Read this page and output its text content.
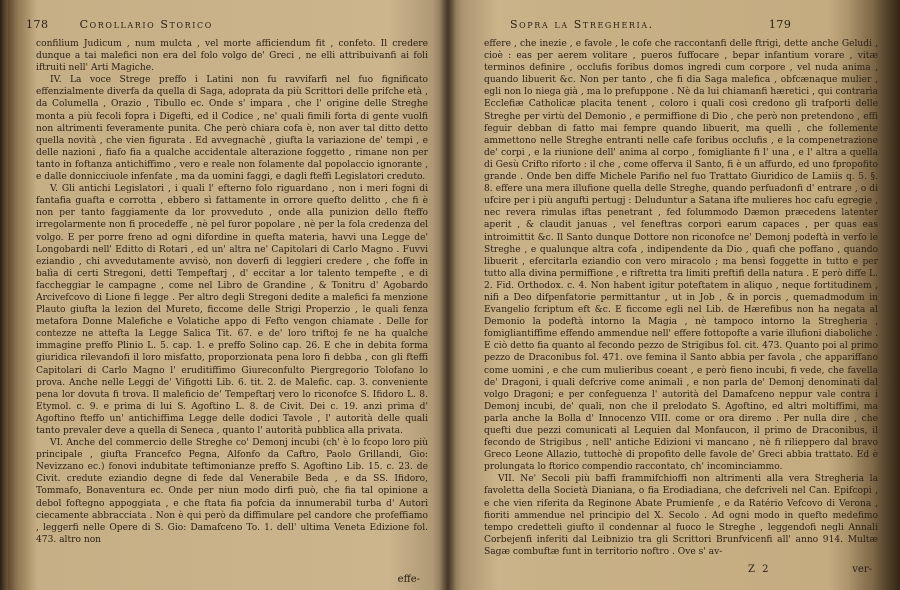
178	Corollario Storico

confilium Judicum , num mulcta , vel morte afficiendum fit , confeto. Il credere dunque a tai malefici non era del folo volgo de' Greci , ne elli attribuivanfi ai foli iftruiti nell' Arti Magiche.

IV. La voce Strege preffo i Latini non fu ravvifarfi nel fuo fignificato effenzialmente diverfa da quella di Saga, adoprata da più Scrittori delle prifche età , da Columella , Orazio , Tibullo ec. Onde s' impara , che l' origine delle Streghe monta a più fecoli fopra i Digefti, ed il Codice , ne' quali fimili forta di gente vuolfi non altrimenti feveramente punita. Che però chiara cofa è, non aver tal ditto detto quella novità , che vien figurata . Ed avvegnachè , giufta la variazione de' tempi , e delle nazioni , fiafo fia a qualche accidentale alterazione foggetto , rimane non per tanto in foftanza antichiffimo , vero e reale non folamente dal popolaccio ignorante , e dalle donnicciuole infenfate , ma da uomini faggi, e dagli fteffi Legislatori creduto.

V. Gli antichi Legislatori , i quali l' efterno folo riguardano , non i meri fogni di fantafia guafta e corrotta , ebbero sì fattamente in orrore quefto delitto , che fi è non per tanto faggiamente da lor provveduto , onde alla punizion dello fteffo irregolarmente non fi procedeffe , nè pel furor popolare , nè per la fola credenza del volgo. E per porre freno ad ogni difordine in quefta materia, havvi una Legge de' Longobardi nell' Editto di Rotari , ed un' altra ne' Capitolari di Carlo Magno . Fuvvi eziandio , chi avvedutamente avvisò, non doverfi di leggieri credere , che foffe in balìa di certi Stregoni, detti Tempeftarj , d' eccitar a lor talento tempefte , e di faccheggiar le campagne , come nel Libro de Grandine , & Tonitru d' Agobardo Arcivefcovo di Lione fi legge . Per altro degli Stregoni dedite a malefici fa menzione Plauto giufta la lezion del Mureto, ficcome delle Strigi Properzio , le quali fenza metafora Donne Malefiche e Volatiche appo di Fefto vengon chiamate . Delle for contezze ne attefta la Legge Salica Tit. 67. e de' loro triftoj fe ne ha qualche immagine preffo Plinio L. 5. cap. 1. e preffo Solino cap. 26. E che in debita forma giuridica rilevandofi il loro misfatto, proporzionata pena loro fi debba , con gli fteffi Capitolari di Carlo Magno l' eruditiffimo Giureconfulto Piergregorio Tolofano lo prova. Anche nelle Leggi de' Vifigotti Lib. 6. tit. 2. de Malefic. cap. 3. conveniente pena lor dovuta fi trova. Il maleficio de' Tempeftarj vero lo riconofce S. Ifidoro L. 8. Etymol. c. 9. e prima di lui S. Agoftino L. 8. de Civit. Dei c. 19. anzi prima d' Agoftino fteffo un' antichiffima Legge delle dodici Tavole , l' autorità delle quali tanto prevaler deve a quella di Seneca , quanto l' autorità pubblica alla privata.

VI. Anche del commercio delle Streghe co' Demonj incubi (ch' è lo fcopo loro più principale , giufta Francefco Pegna, Alfonfo da Caftro, Paolo Grillandi, Gio: Nevizzano ec.) fonovi indubitate teftimonianze preffo S. Agoftino Lib. 15. c. 23. de Civit. credute eziandio degne di fede dal Venerabile Beda , e da SS. Ifidoro, Tommafo, Bonaventura ec. Onde per niun modo dirfi può, che fia tal opinione a debol foftegno appoggiata , e che ftata fia pofcia da innumerabil turba d' Autori ciecamente abbracciata . Non è qui però da diffimulare pel candore che profeffiamo , leggerfi nelle Opere di S. Gio: Damafceno To. 1. dell' ultima Veneta Edizione fol. 473. altro non

effe-
Sopra la Stregheria.	179

effere , che inezie , e favole , le cofe che raccontanfi delle ftrigi, dette anche Geludi , cioè : eas per aerem volitare , pueros fuffocare , bepar infantium vorare , vitæ terminos definire , occlufis foribus domos ingredi cum corpore , vel nuda anima , quando libuerit &c. Non per tanto , che fi dia Saga malefica , obfcænaque mulier , egli non lo niega già , ma lo prefuppone . Nè da lui chiamanfi hæretici , qui contrarìa Ecclefiæ Catholicæ placita tenent , coloro i quali così credono gli trafporti delle Streghe per virtù del Demonio , e permiffione di Dio , che però non pretendono , effi feguir debban di fatto mai fempre quando libuerit, ma quelli , che follemente ammettono nelle Streghe entranti nelle cafe foribus occlufis , e la compenetrazione de' corpi , e la riunione dell' anima al corpo , fomigliante fi l' una , e l' altra a quella di Gesù Crifto riforto : il che , come offerva il Santo, fi è un affurdo, ed uno fpropofito grande . Onde ben diffe Michele Parifio nel fuo Trattato Giuridico de Lamiis q. 5. §. 8. effere una mera illufione quella delle Streghe, quando perfuadonfi d' entrare , o di ufcire per i più angufti pertugj : Deluduntur a Satana ifte mulieres hoc cafu egregie , nec revera rimulas iftas penetrant , fed folummodo Dæmon præcedens latenter aperit , & claudit januas , vel feneftras corpori earum capaces , per quas eas introimittit &c. Il Santo dunque Dottore non riconofce ne' Demonj podeftà in verfo le Streghe , e qualunque altra cofa , indipendente da Dio , quafi che poffano , quando libuerit , efercitarla eziandio con vero miracolo ; ma bensì foggette in tutto e per tutto alla divina permiffione , e riftretta tra limiti preftifi della natura . E però diffe L. 2. Fid. Orthodox. c. 4. Non habent igitur poteftatem in aliquo , neque fortitudinem , nifi a Deo difpenfatorie permittantur , ut in Job , & in porcis , quemadmodum in Evangelio fcriptum eft &c. E ficcome egli nel Lib. de Hærefibus non ha negata al Demonio la podeftà intorno la Magia , nè tampoco intorno la Stregheria , fomigliantiffime effendo ammendue nell' effere fottopofte a varie illufioni diaboliche . E ciò detto fia quanto al fecondo pezzo de Strigibus fol. cit. 473. Quanto poi al primo pezzo de Draconibus fol. 471. ove femina il Santo abbia per favola , che appariffano come uomini , e che cum mulieribus coeant , e però fieno incubi, fi vede, che favella de' Dragoni, i quali defcrive come animali , e non parla de' Demonj denominati dal volgo Dragoni; e per confeguenza l' autorità del Damafceno neppur vale contra i Demonj incubi, de' quali, non che il prelodato S. Agoftino, ed altri moltiffimi, ma parla anche la Bolla d' Innocenzo VIII. come or ora diremo . Per nulla dire , che quefti due pezzi comunicati al Lequien dal Monfaucon, il primo de Draconibus, il fecondo de Strigibus , nell' antiche Edizioni vi mancano , nè fi rilieppero dal bravo Greco Leone Allazio, tuttochè di propofito delle favole de' Greci abbia trattato. Ed è prolungata lo ftorico compendio raccontato, ch' incominciammo.

VII. Ne' Secoli più baffi frammifchioffi non altrimenti alla vera Stregheria la favoletta della Società Dianiana, o fia Erodiadiana, che defcriveli nel Can. Epifcopi , e che vien riferita da Reginone Abate Prumienfe , e da Ratério Vefcovo di Verona , fioriti ammendue nel principio del X. Secolo . Ad ogni modo in quefto medefimo tempo credetteli giufto il condennar al fuoco le Streghe , leggendofi negli Annali Corbejenfi inferiti dal Leibnizio tra gli Scrittori Brunfvicenfi all' anno 914. Multæ Sagæ combuftæ funt in territorio noftro . Ove s' av-

Z 2	ver-
